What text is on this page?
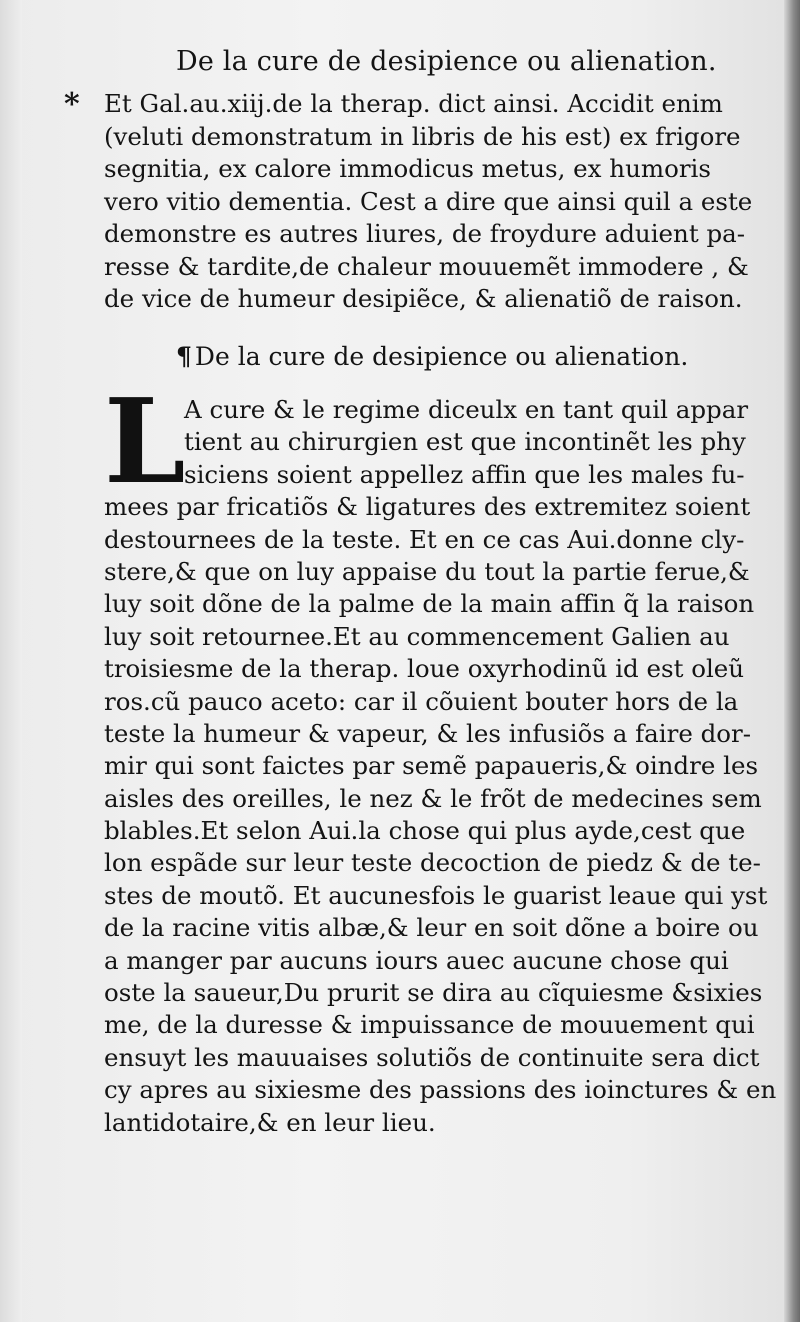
De la cure de desipience ou alienation.
* Et Gal.au.xiij.de la therap. dict ainsi. Accidit enim
(veluti demonstratum in libris de his est) ex frigore
segnitia, ex calore immodicus metus, ex humoris
vero vitio dementia. Cest a dire que ainsi quil a este
demonstre es autres liures, de froydure aduient pa-
resse & tardite,de chaleur mouuemẽt immodere , &
de vice de humeur desipiẽce, & alienatiõ de raison.
¶ De la cure de desipience ou alienation.
L
A cure & le regime diceulx en tant quil appar
tient au chirurgien est que incontinẽt les phy
siciens soient appellez affin que les males fu-
mees par fricatiõs & ligatures des extremitez soient
destournees de la teste. Et en ce cas Aui.donne cly-
stere,& que on luy appaise du tout la partie ferue,&
luy soit dõne de la palme de la main affin q̃ la raison
luy soit retournee.Et au commencement Galien au
troisiesme de la therap. loue oxyrhodinũ id est oleũ
ros.cũ pauco aceto: car il cõuient bouter hors de la
teste la humeur & vapeur, & les infusiõs a faire dor-
mir qui sont faictes par semẽ papaueris,& oindre les
aisles des oreilles, le nez & le frõt de medecines sem
blables.Et selon Aui.la chose qui plus ayde,cest que
lon espãde sur leur teste decoction de piedz & de te-
stes de moutõ. Et aucunesfois le guarist leaue qui yst
de la racine vitis albæ,& leur en soit dõne a boire ou
a manger par aucuns iours auec aucune chose qui
oste la saueur,Du prurit se dira au cĩquiesme &sixies
me, de la duresse & impuissance de mouuement qui
ensuyt les mauuaises solutiõs de continuite sera dict
cy apres au sixiesme des passions des ioinctures & en
lantidotaire,& en leur lieu.
